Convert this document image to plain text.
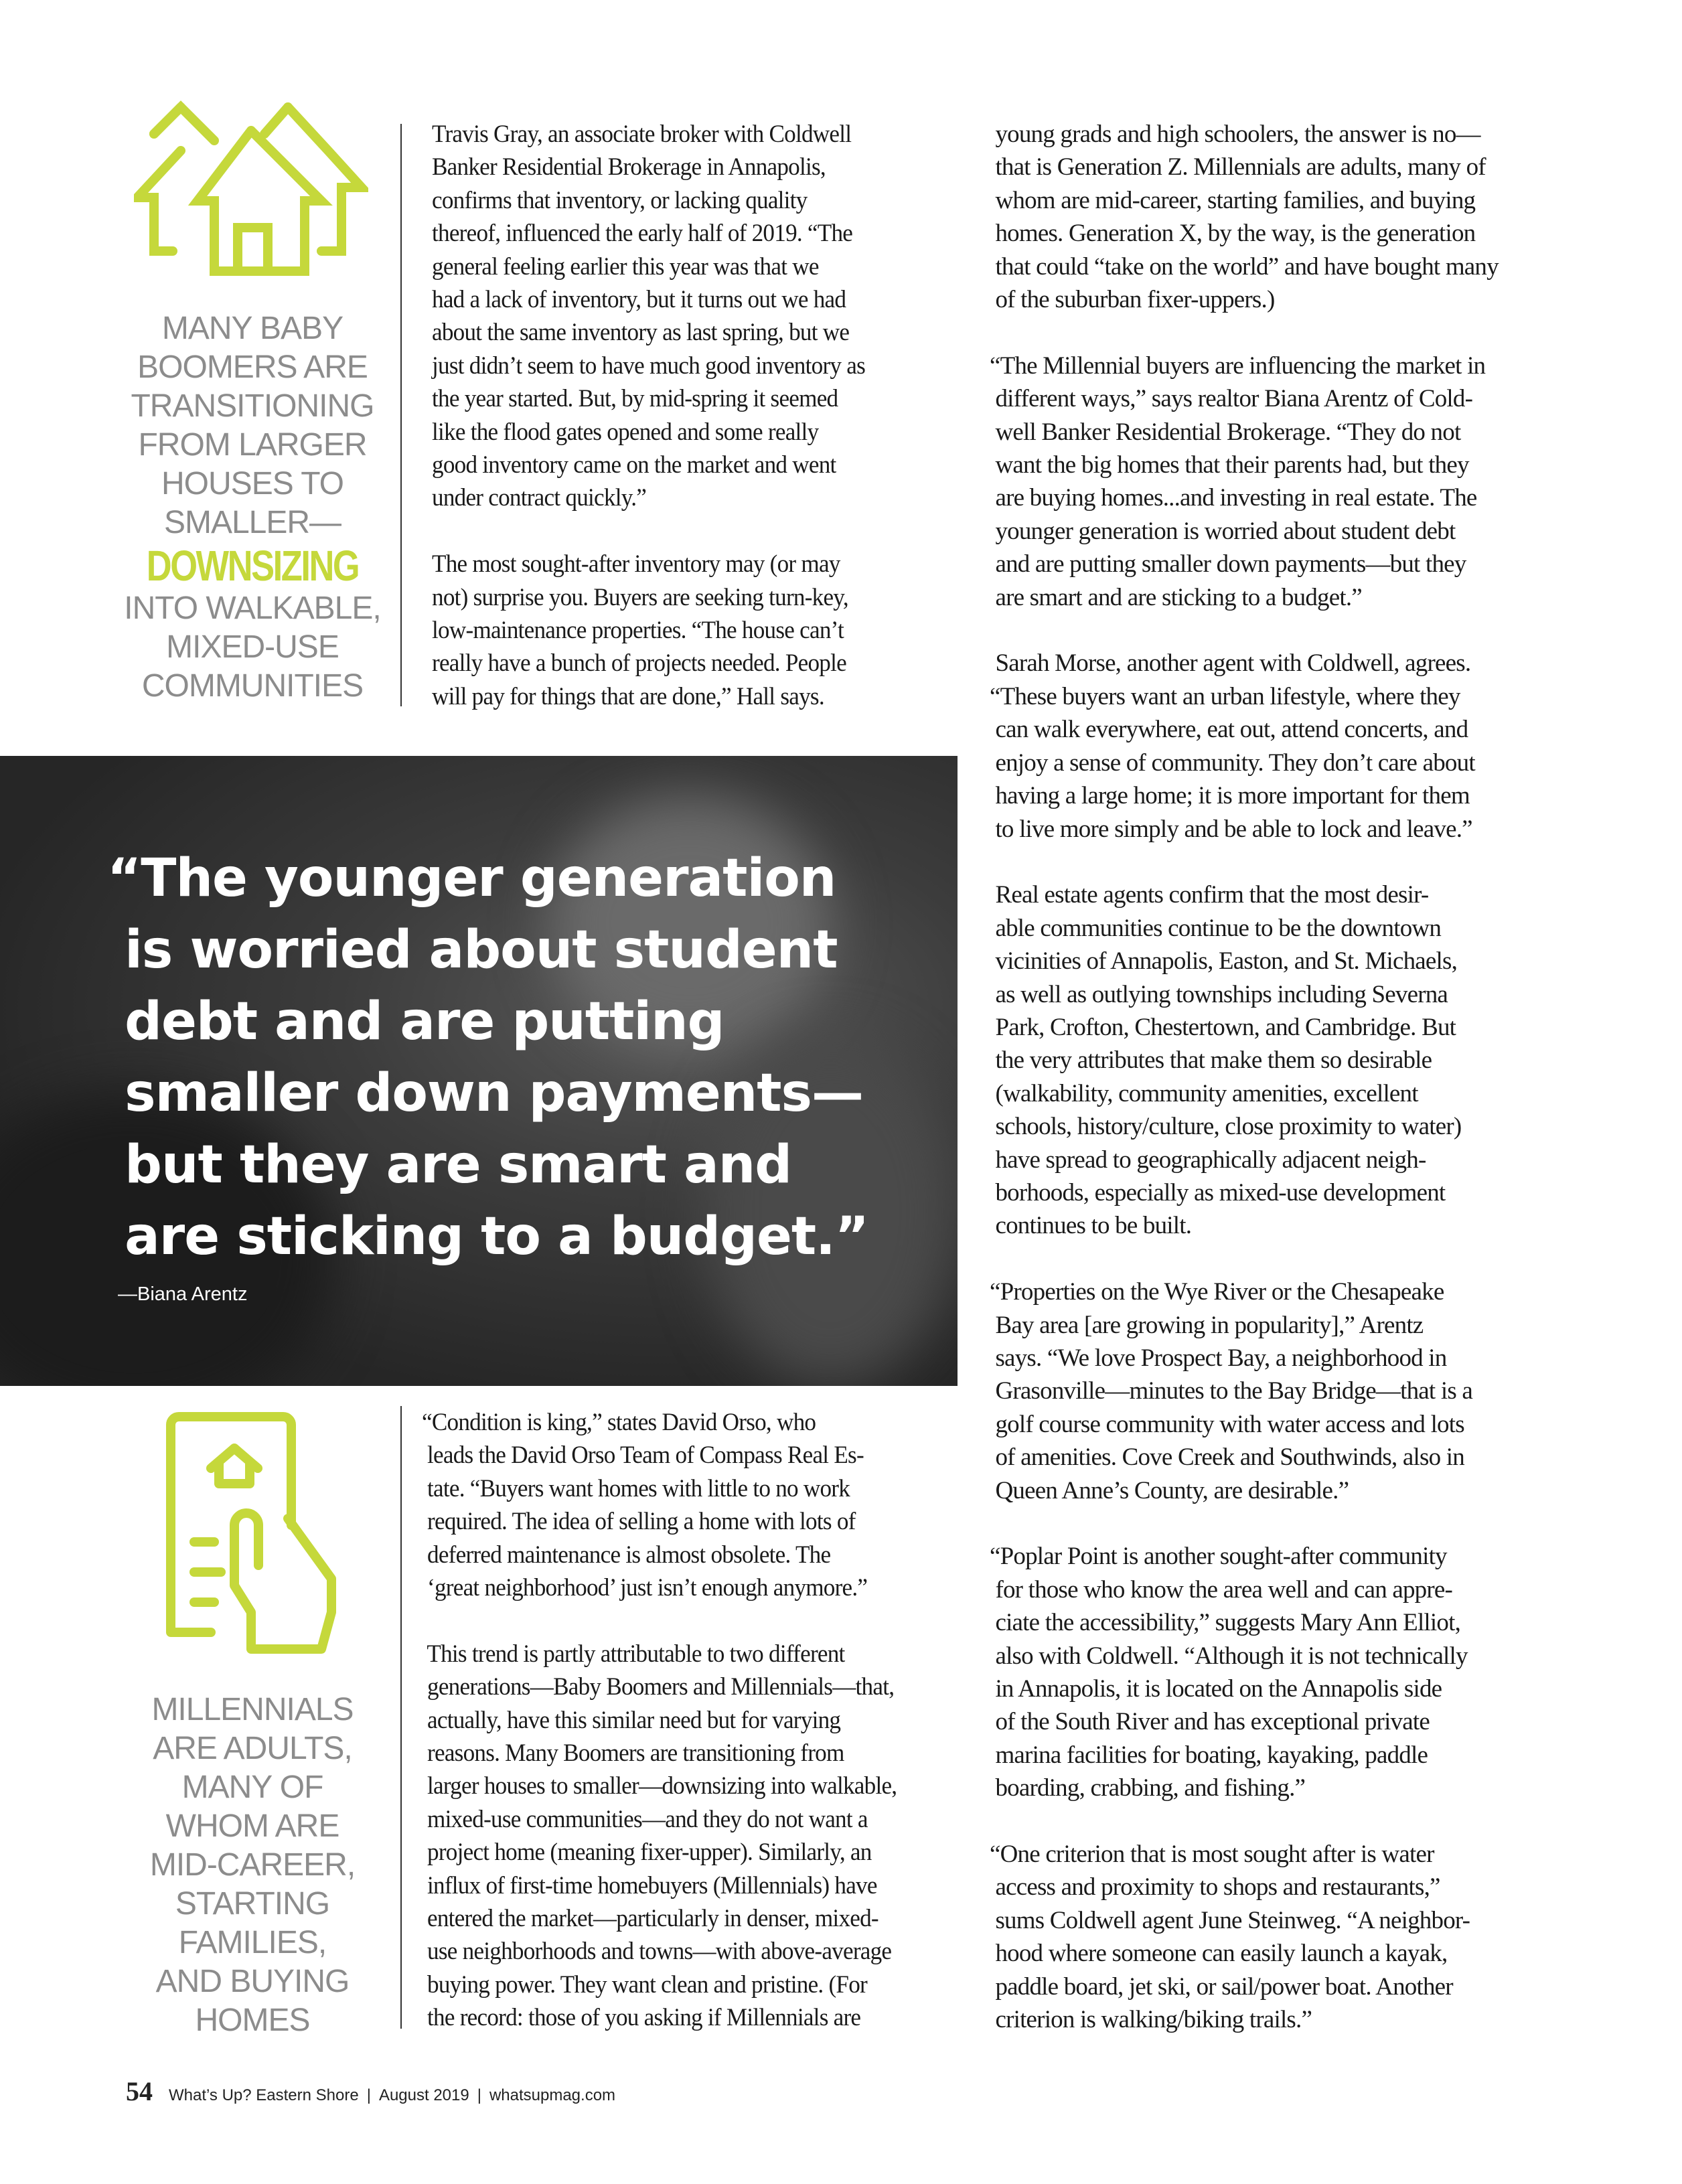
MANY BABY
BOOMERS ARE
TRANSITIONING
FROM LARGER
HOUSES TO
SMALLER—
DOWNSIZING
INTO WALKABLE,
MIXED-USE
COMMUNITIES

Travis Gray, an associate broker with Coldwell
Banker Residential Brokerage in Annapolis,
confirms that inventory, or lacking quality
thereof, influenced the early half of 2019. “The
general feeling earlier this year was that we
had a lack of inventory, but it turns out we had
about the same inventory as last spring, but we
just didn’t seem to have much good inventory as
the year started. But, by mid-spring it seemed
like the flood gates opened and some really
good inventory came on the market and went
under contract quickly.”

The most sought-after inventory may (or may
not) surprise you. Buyers are seeking turn-key,
low-maintenance properties. “The house can’t
really have a bunch of projects needed. People
will pay for things that are done,” Hall says.

“The younger generation
is worried about student
debt and are putting
smaller down payments—
but they are smart and
are sticking to a budget.”
—Biana Arentz
MILLENNIALS
ARE ADULTS,
MANY OF
WHOM ARE
MID-CAREER,
STARTING
FAMILIES,
AND BUYING
HOMES

“Condition is king,” states David Orso, who
leads the David Orso Team of Compass Real Es-
tate. “Buyers want homes with little to no work
required. The idea of selling a home with lots of
deferred maintenance is almost obsolete. The
‘great neighborhood’ just isn’t enough anymore.”

This trend is partly attributable to two different
generations—Baby Boomers and Millennials—that,
actually, have this similar need but for varying
reasons. Many Boomers are transitioning from
larger houses to smaller—downsizing into walkable,
mixed-use communities—and they do not want a
project home (meaning fixer-upper). Similarly, an
influx of first-time homebuyers (Millennials) have
entered the market—particularly in denser, mixed-
use neighborhoods and towns—with above-average
buying power. They want clean and pristine. (For
the record: those of you asking if Millennials are

young grads and high schoolers, the answer is no—
that is Generation Z. Millennials are adults, many of
whom are mid-career, starting families, and buying
homes. Generation X, by the way, is the generation
that could “take on the world” and have bought many
of the suburban fixer-uppers.)

“The Millennial buyers are influencing the market in
different ways,” says realtor Biana Arentz of Cold-
well Banker Residential Brokerage. “They do not
want the big homes that their parents had, but they
are buying homes...and investing in real estate. The
younger generation is worried about student debt
and are putting smaller down payments—but they
are smart and are sticking to a budget.”

Sarah Morse, another agent with Coldwell, agrees.
“These buyers want an urban lifestyle, where they
can walk everywhere, eat out, attend concerts, and
enjoy a sense of community. They don’t care about
having a large home; it is more important for them
to live more simply and be able to lock and leave.”

Real estate agents confirm that the most desir-
able communities continue to be the downtown
vicinities of Annapolis, Easton, and St. Michaels,
as well as outlying townships including Severna
Park, Crofton, Chestertown, and Cambridge. But
the very attributes that make them so desirable
(walkability, community amenities, excellent
schools, history/culture, close proximity to water)
have spread to geographically adjacent neigh-
borhoods, especially as mixed-use development
continues to be built.

“Properties on the Wye River or the Chesapeake
Bay area [are growing in popularity],” Arentz
says. “We love Prospect Bay, a neighborhood in
Grasonville—minutes to the Bay Bridge—that is a
golf course community with water access and lots
of amenities. Cove Creek and Southwinds, also in
Queen Anne’s County, are desirable.”

“Poplar Point is another sought-after community
for those who know the area well and can appre-
ciate the accessibility,” suggests Mary Ann Elliot,
also with Coldwell. “Although it is not technically
in Annapolis, it is located on the Annapolis side
of the South River and has exceptional private
marina facilities for boating, kayaking, paddle
boarding, crabbing, and fishing.”

“One criterion that is most sought after is water
access and proximity to shops and restaurants,”
sums Coldwell agent June Steinweg. “A neighbor-
hood where someone can easily launch a kayak,
paddle board, jet ski, or sail/power boat. Another
criterion is walking/biking trails.”

54 What’s Up? Eastern Shore | August 2019 | whatsupmag.com
